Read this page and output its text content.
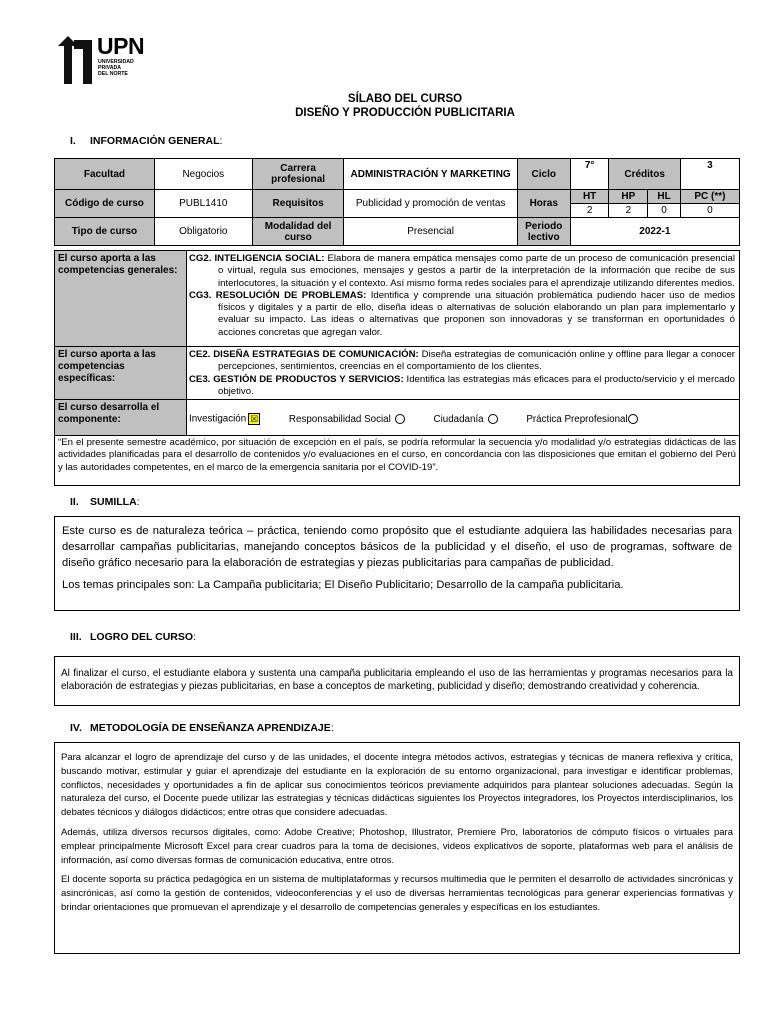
UPN
UNIVERSIDAD
PRIVADA
DEL NORTE
SÍLABO DEL CURSO
DISEÑO Y PRODUCCIÓN PUBLICITARIA
I. INFORMACIÓN GENERAL:
Facultad	Negocios	Carrera profesional	ADMINISTRACIÓN Y MARKETING	Ciclo	7°	Créditos		3

Código de curso	PUBL1410	Requisitos	Publicidad y promoción de ventas	Horas	HT	HP	HL	PC (**)
					2	2	0	0
Tipo de curso	Obligatorio	Modalidad del curso	Presencial	Periodo lectivo	2022-1			
El curso aporta a las competencias generales:
CG2. INTELIGENCIA SOCIAL: Elabora de manera empática mensajes como parte de un proceso de comunicación presencial o virtual, regula sus emociones, mensajes y gestos a partir de la interpretación de la información que recibe de sus interlocutores, la situación y el contexto. Así mismo forma redes sociales para el aprendizaje utilizando diferentes medios.
CG3. RESOLUCIÓN DE PROBLEMAS: Identifica y comprende una situación problemática pudiendo hacer uso de medios físicos y digitales y a partir de ello, diseña ideas o alternativas de solución elaborando un plan para implementarlo y evaluar su impacto. Las ideas o alternativas que proponen son innovadoras y se transforman en oportunidades ó acciones concretas que agregan valor.
El curso aporta a las competencias específicas:
CE2. DISEÑA ESTRATEGIAS DE COMUNICACIÓN: Diseña estrategias de comunicación online y offline para llegar a conocer percepciones, sentimientos, creencias en el comportamiento de los clientes.
CE3. GESTIÓN DE PRODUCTOS Y SERVICIOS: Identifica las estrategias más eficaces para el producto/servicio y el mercado objetivo.
El curso desarrolla el componente:	Investigación ☒	Responsabilidad Social	Ciudadanía	Práctica Preprofesional
“En el presente semestre académico, por situación de excepción en el país, se podría reformular la secuencia y/o modalidad y/o estrategias didácticas de las actividades planificadas para el desarrollo de contenidos y/o evaluaciones en el curso, en concordancia con las disposiciones que emitan el gobierno del Perú y las autoridades competentes, en el marco de la emergencia sanitaria por el COVID-19”.
II. SUMILLA:

Este curso es de naturaleza teórica – práctica, teniendo como propósito que el estudiante adquiera las habilidades necesarias para desarrollar campañas publicitarias, manejando conceptos básicos de la publicidad y el diseño, el uso de programas, software de diseño gráfico necesario para la elaboración de estrategias y piezas publicitarias para campañas de publicidad.

Los temas principales son: La Campaña publicitaria; El Diseño Publicitario; Desarrollo de la campaña publicitaria.

III. LOGRO DEL CURSO:
Al finalizar el curso, el estudiante elabora y sustenta una campaña publicitaria empleando el uso de las herramientas y programas necesarios para la elaboración de estrategias y piezas publicitarias, en base a conceptos de marketing, publicidad y diseño; demostrando creatividad y coherencia.
IV. METODOLOGÍA DE ENSEÑANZA APRENDIZAJE:

Para alcanzar el logro de aprendizaje del curso y de las unidades, el docente integra métodos activos, estrategias y técnicas de manera reflexiva y crítica, buscando motivar, estimular y guiar el aprendizaje del estudiante en la exploración de su entorno organizacional, para investigar e identificar problemas, conflictos, necesidades y oportunidades a fin de aplicar sus conocimientos teóricos previamente adquiridos para plantear soluciones adecuadas. Según la naturaleza del curso, el Docente puede utilizar las estrategias y técnicas didácticas siguientes los Proyectos integradores, los Proyectos interdisciplinarios, los debates técnicos y diálogos didácticos; entre otras que considere adecuadas.

Además, utiliza diversos recursos digitales, como: Adobe Creative; Photoshop, Illustrator, Premiere Pro, laboratorios de cómputo físicos o virtuales para emplear principalmente Microsoft Excel para crear cuadros para la toma de decisiones, videos explicativos de soporte, plataformas web para el análisis de información, así como diversas formas de comunicación educativa, entre otros.

El docente soporta su práctica pedagógica en un sistema de multiplataformas y recursos multimedia que le permiten el desarrollo de actividades sincrónicas y asincrónicas, así como la gestión de contenidos, videoconferencias y el uso de diversas herramientas tecnológicas para generar experiencias formativas y brindar orientaciones que promuevan el aprendizaje y el desarrollo de competencias generales y específicas en los estudiantes.
